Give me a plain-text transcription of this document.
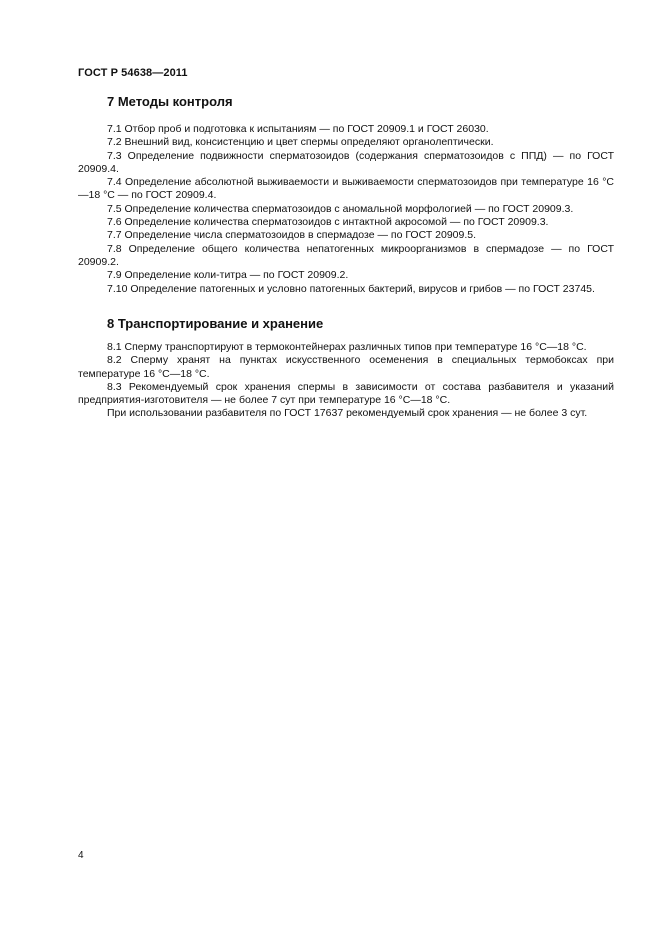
ГОСТ Р 54638—2011
7 Методы контроля

7.1 Отбор проб и подготовка к испытаниям — по ГОСТ 20909.1 и ГОСТ 26030.

7.2 Внешний вид, консистенцию и цвет спермы определяют органолептически.

7.3 Определение подвижности сперматозоидов (содержания сперматозоидов с ППД) — по ГОСТ 20909.4.

7.4 Определение абсолютной выживаемости и выживаемости сперматозоидов при температуре 16 °С—18 °С — по ГОСТ 20909.4.

7.5 Определение количества сперматозоидов с аномальной морфологией — по ГОСТ 20909.3.

7.6 Определение количества сперматозоидов с интактной акросомой — по ГОСТ 20909.3.

7.7 Определение числа сперматозоидов в спермадозе — по ГОСТ 20909.5.

7.8 Определение общего количества непатогенных микроорганизмов в спермадозе — по ГОСТ 20909.2.

7.9 Определение коли-титра — по ГОСТ 20909.2.

7.10 Определение патогенных и условно патогенных бактерий, вирусов и грибов — по ГОСТ 23745.

8 Транспортирование и хранение

8.1 Сперму транспортируют в термоконтейнерах различных типов при температуре 16 °С—18 °С.

8.2 Сперму хранят на пунктах искусственного осеменения в специальных термобоксах при температуре 16 °С—18 °С.

8.3 Рекомендуемый срок хранения спермы в зависимости от состава разбавителя и указаний предприятия-изготовителя — не более 7 сут при температуре 16 °С—18 °С.

При использовании разбавителя по ГОСТ 17637 рекомендуемый срок хранения — не более 3 сут.

4
